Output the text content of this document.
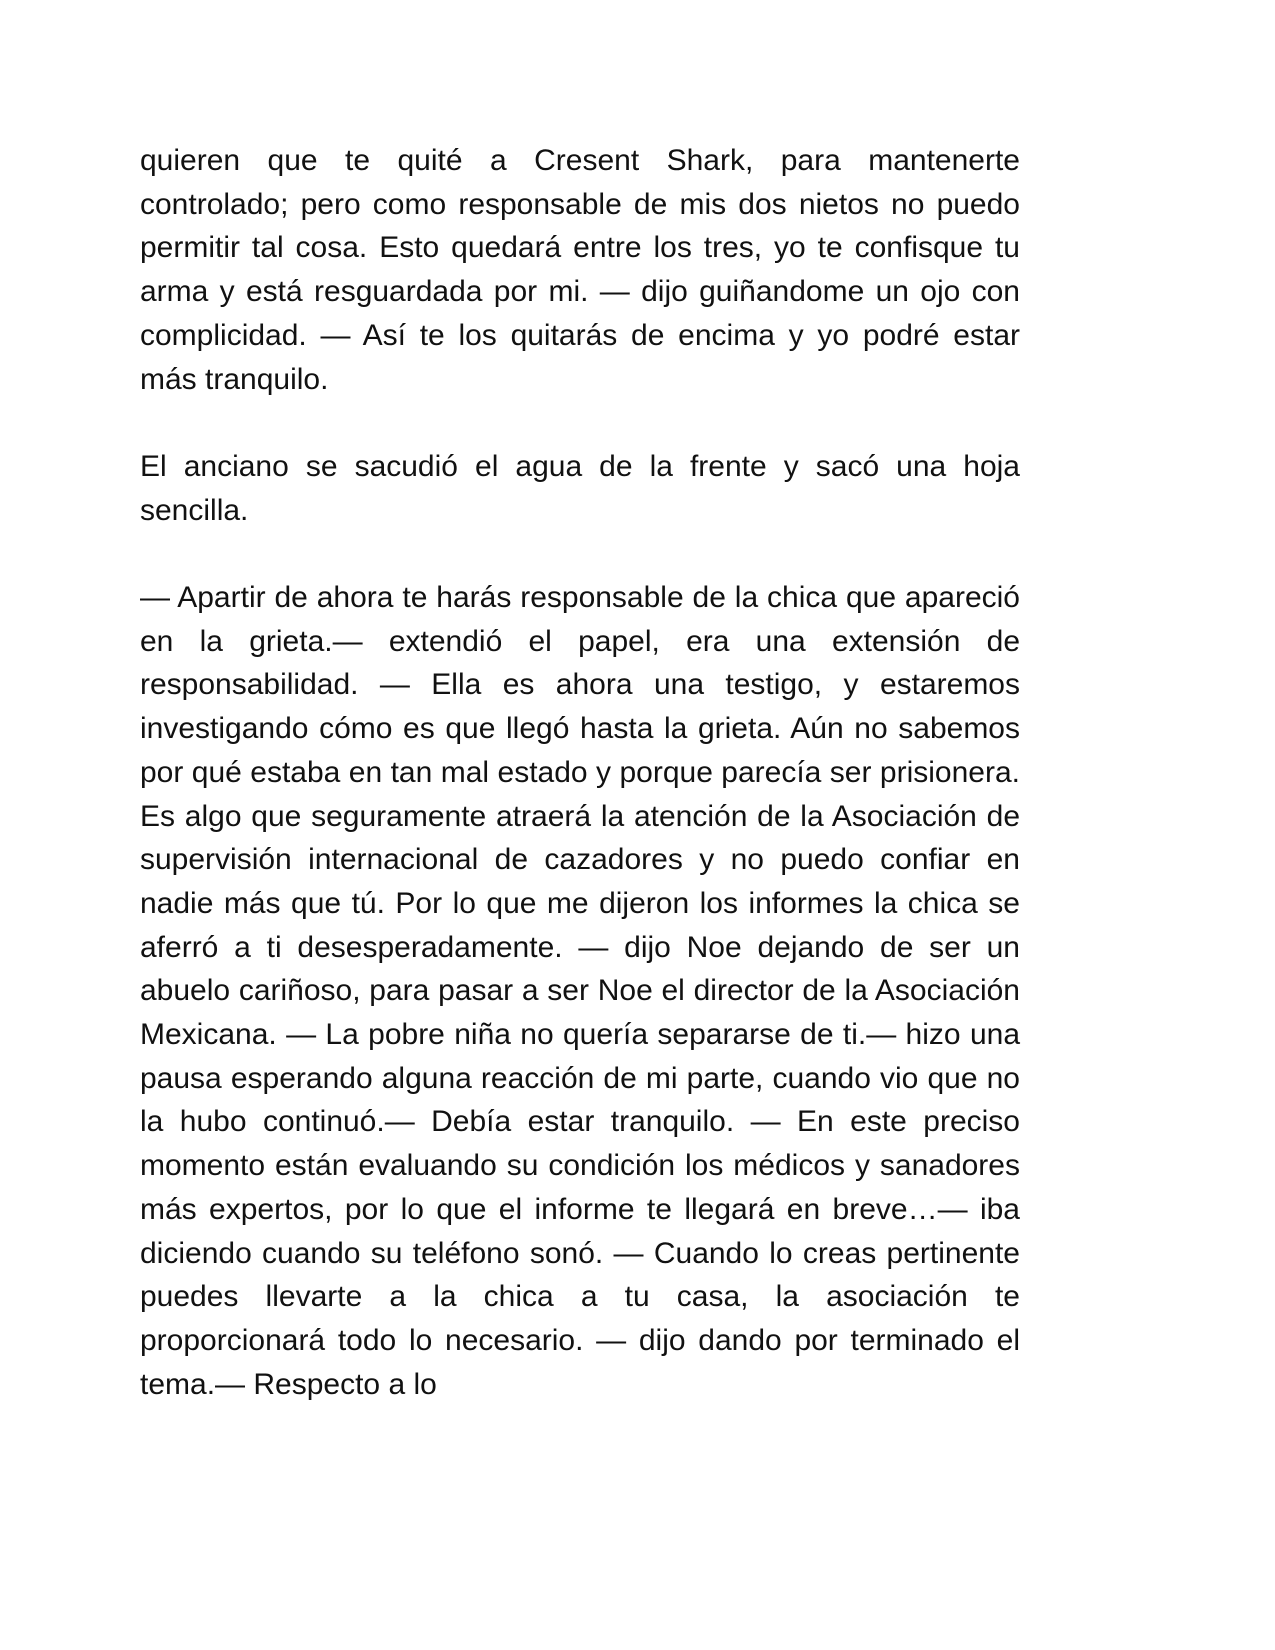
quieren que te quité a Cresent Shark, para mantenerte controlado; pero como responsable de mis dos nietos no puedo permitir tal cosa. Esto quedará entre los tres, yo te confisque tu arma y está resguardada por mi. — dijo guiñandome un ojo con complicidad. — Así te los quitarás de encima y yo podré estar más tranquilo.

El anciano se sacudió el agua de la frente y sacó una hoja sencilla.

— Apartir de ahora te harás responsable de la chica que apareció en la grieta.— extendió el papel, era una extensión de responsabilidad. — Ella es ahora una testigo, y estaremos investigando cómo es que llegó hasta la grieta. Aún no sabemos por qué estaba en tan mal estado y porque parecía ser prisionera. Es algo que seguramente atraerá la atención de la Asociación de supervisión internacional de cazadores y no puedo confiar en nadie más que tú. Por lo que me dijeron los informes la chica se aferró a ti desesperadamente. — dijo Noe dejando de ser un abuelo cariñoso, para pasar a ser Noe el director de la Asociación Mexicana. — La pobre niña no quería separarse de ti.— hizo una pausa esperando alguna reacción de mi parte, cuando vio que no la hubo continuó.— Debía estar tranquilo. — En este preciso momento están evaluando su condición los médicos y sanadores más expertos, por lo que el informe te llegará en breve…— iba diciendo cuando su teléfono sonó. — Cuando lo creas pertinente puedes llevarte a la chica a tu casa, la asociación te proporcionará todo lo necesario. — dijo dando por terminado el tema.— Respecto a lo
